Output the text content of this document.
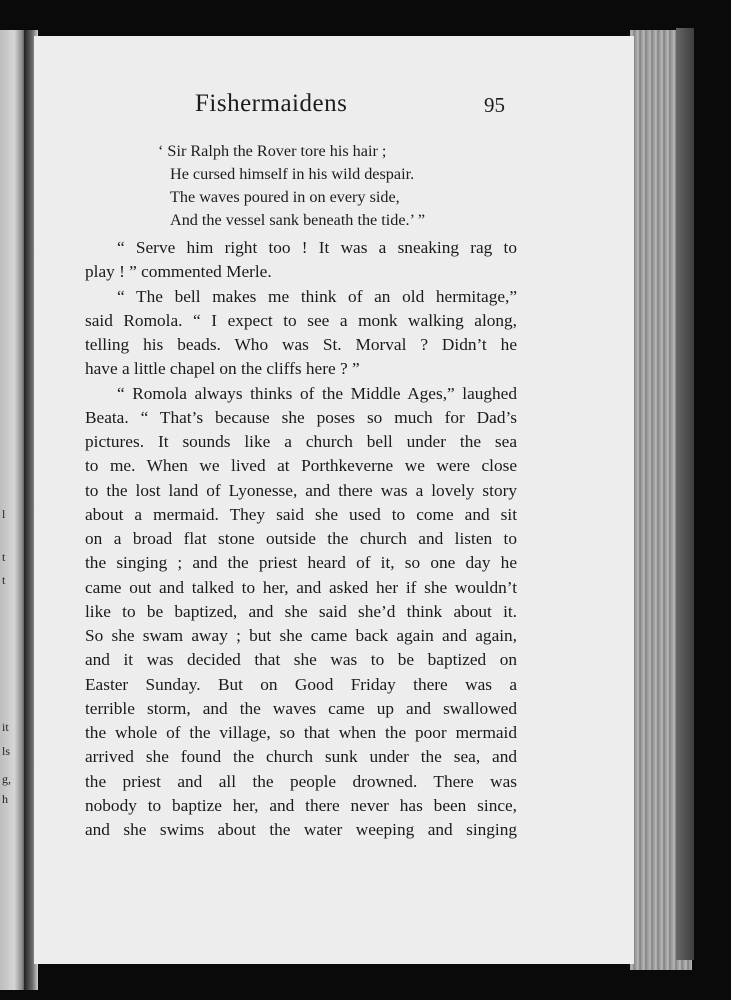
l
t
t
it
ls
g,
h
Fishermaidens	95
‘ Sir Ralph the Rover tore his hair ;
He cursed himself in his wild despair.
The waves poured in on every side,
And the vessel sank beneath the tide.’ ”
“ Serve him right too ! It was a sneaking rag to
play ! ” commented Merle.
“ The bell makes me think of an old hermitage,”
said Romola. “ I expect to see a monk walking along,
telling his beads. Who was St. Morval ? Didn’t he
have a little chapel on the cliffs here ? ”
“ Romola always thinks of the Middle Ages,” laughed
Beata. “ That’s because she poses so much for Dad’s
pictures. It sounds like a church bell under the sea
to me. When we lived at Porthkeverne we were close
to the lost land of Lyonesse, and there was a lovely story
about a mermaid. They said she used to come and sit
on a broad flat stone outside the church and listen to
the singing ; and the priest heard of it, so one day he
came out and talked to her, and asked her if she wouldn’t
like to be baptized, and she said she’d think about it.
So she swam away ; but she came back again and again,
and it was decided that she was to be baptized on
Easter Sunday. But on Good Friday there was a
terrible storm, and the waves came up and swallowed
the whole of the village, so that when the poor mermaid
arrived she found the church sunk under the sea, and
the priest and all the people drowned. There was
nobody to baptize her, and there never has been since,
and she swims about the water weeping and singing
